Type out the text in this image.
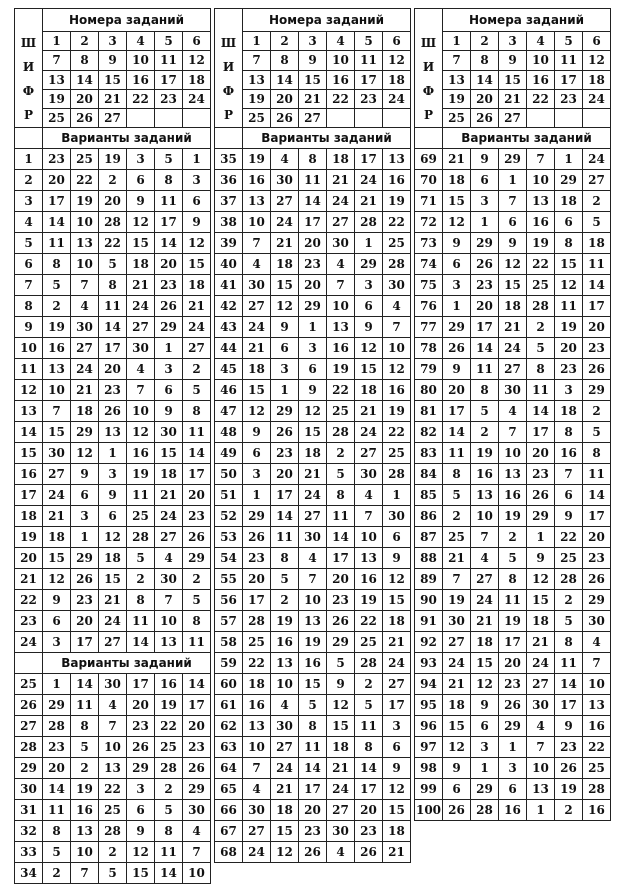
Ш
И
Ф
Р	Номера заданий					
	1	2	3	4	5	6
	7	8	9	10	11	12
	13	14	15	16	17	18
	19	20	21	22	23	24
	25	26	27			
	Варианты заданий					
1	23	25	19	3	5	1
2	20	22	2	6	8	3
3	17	19	20	9	11	6
4	14	10	28	12	17	9
5	11	13	22	15	14	12
6	8	10	5	18	20	15
7	5	7	8	21	23	18
8	2	4	11	24	26	21
9	19	30	14	27	29	24
10	16	27	17	30	1	27
11	13	24	20	4	3	2
12	10	21	23	7	6	5
13	7	18	26	10	9	8
14	15	29	13	12	30	11
15	30	12	1	16	15	14
16	27	9	3	19	18	17
17	24	6	9	11	21	20
18	21	3	6	25	24	23
19	18	1	12	28	27	26
20	15	29	18	5	4	29
21	12	26	15	2	30	2
22	9	23	21	8	7	5
23	6	20	24	11	10	8
24	3	17	27	14	13	11
	Варианты заданий					
25	1	14	30	17	16	14
26	29	11	4	20	19	17
27	28	8	7	23	22	20
28	23	5	10	26	25	23
29	20	2	13	29	28	26
30	14	19	22	3	2	29
31	11	16	25	6	5	30
32	8	13	28	9	8	4
33	5	10	2	12	11	7
34	2	7	5	15	14	10
Ш
И
Ф
Р	Номера заданий					
	1	2	3	4	5	6
	7	8	9	10	11	12
	13	14	15	16	17	18
	19	20	21	22	23	24
	25	26	27			
	Варианты заданий					
35	19	4	8	18	17	13
36	16	30	11	21	24	16
37	13	27	14	24	21	19
38	10	24	17	27	28	22
39	7	21	20	30	1	25
40	4	18	23	4	29	28
41	30	15	20	7	3	30
42	27	12	29	10	6	4
43	24	9	1	13	9	7
44	21	6	3	16	12	10
45	18	3	6	19	15	12
46	15	1	9	22	18	16
47	12	29	12	25	21	19
48	9	26	15	28	24	22
49	6	23	18	2	27	25
50	3	20	21	5	30	28
51	1	17	24	8	4	1
52	29	14	27	11	7	30
53	26	11	30	14	10	6
54	23	8	4	17	13	9
55	20	5	7	20	16	12
56	17	2	10	23	19	15
57	28	19	13	26	22	18
58	25	16	19	29	25	21
59	22	13	16	5	28	24
60	18	10	15	9	2	27
61	16	4	5	12	5	17
62	13	30	8	15	11	3
63	10	27	11	18	8	6
64	7	24	14	21	14	9
65	4	21	17	24	17	12
66	30	18	20	27	20	15
67	27	15	23	30	23	18
68	24	12	26	4	26	21
Ш
И
Ф
Р	Номера заданий					
	1	2	3	4	5	6
	7	8	9	10	11	12
	13	14	15	16	17	18
	19	20	21	22	23	24
	25	26	27			
	Варианты заданий					
69	21	9	29	7	1	24
70	18	6	1	10	29	27
71	15	3	7	13	18	2
72	12	1	6	16	6	5
73	9	29	9	19	8	18
74	6	26	12	22	15	11
75	3	23	15	25	12	14
76	1	20	18	28	11	17
77	29	17	21	2	19	20
78	26	14	24	5	20	23
79	9	11	27	8	23	26
80	20	8	30	11	3	29
81	17	5	4	14	18	2
82	14	2	7	17	8	5
83	11	19	10	20	16	8
84	8	16	13	23	7	11
85	5	13	16	26	6	14
86	2	10	19	29	9	17
87	25	7	2	1	22	20
88	21	4	5	9	25	23
89	7	27	8	12	28	26
90	19	24	11	15	2	29
91	30	21	19	18	5	30
92	27	18	17	21	8	4
93	24	15	20	24	11	7
94	21	12	23	27	14	10
95	18	9	26	30	17	13
96	15	6	29	4	9	16
97	12	3	1	7	23	22
98	9	1	3	10	26	25
99	6	29	6	13	19	28
100	26	28	16	1	2	16
